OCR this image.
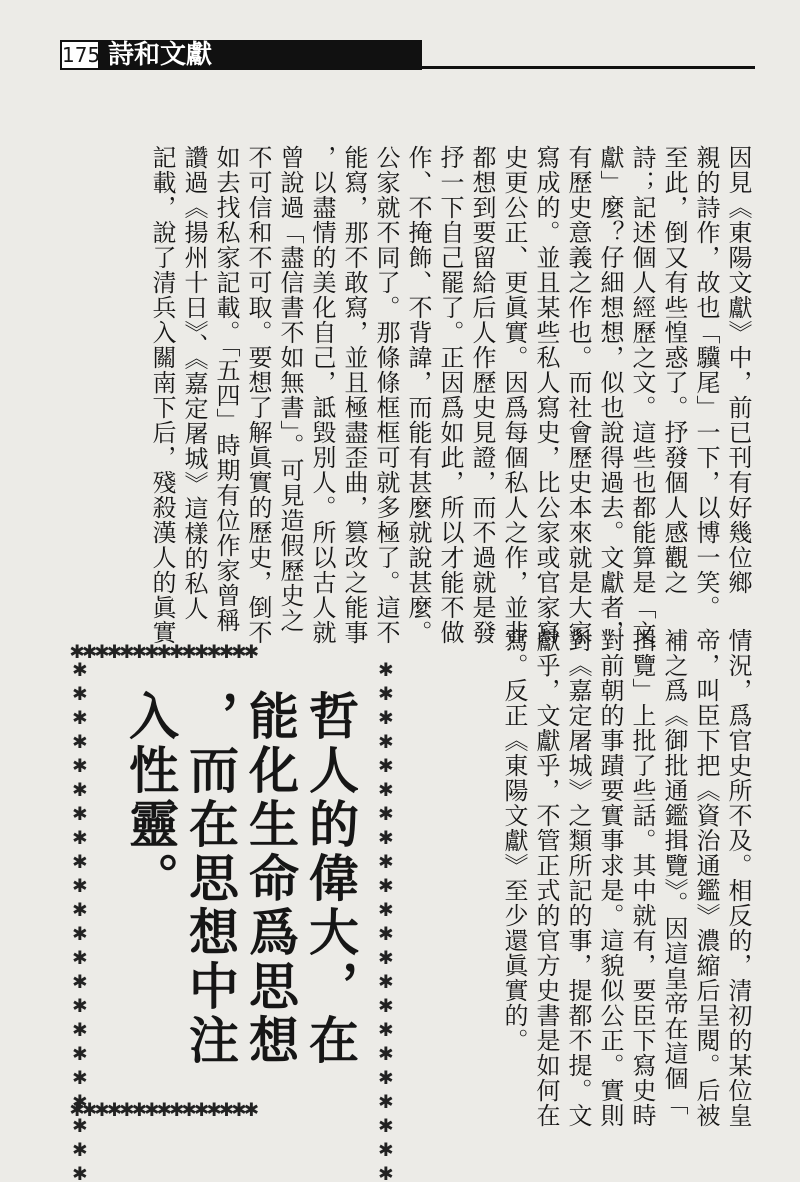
175 詩和文獻
因見《東陽文獻》中，前已刊有好幾位鄉
親的詩作，故也「驥尾」一下，以博一笑。
至此，倒又有些惶惑了。抒發個人感觀之
詩；記述個人經歷之文。這些也都能算是「文
獻」麼？仔細想想，似也說得過去。文獻者，
有歷史意義之作也。而社會歷史本來就是大家
寫成的。並且某些私人寫史，比公家或官家寫
史更公正、更眞實。因爲每個私人之作，並非
都想到要留給后人作歷史見證，而不過就是發
抒一下自己罷了。正因爲如此，所以才能不做
作、不掩飾、不背諱，而能有甚麼就說甚麼。
公家就不同了。那條條框框可就多極了。這不
能寫，那不敢寫，並且極盡歪曲，篡改之能事
，以盡情的美化自己，詆毀別人。所以古人就
曾說過「盡信書不如無書」。可見造假歷史之
不可信和不可取。要想了解眞實的歷史，倒不
如去找私家記載。「五四」時期有位作家曾稱
讚過《揚州十日》、《嘉定屠城》這樣的私人
記載，說了清兵入關南下后，殘殺漢人的眞實
情況，爲官史所不及。相反的，清初的某位皇
帝，叫臣下把《資治通鑑》濃縮后呈閱。后被
補之爲《御批通鑑揖覽》。因這皇帝在這個「
揖覽」上批了些話。其中就有，要臣下寫史時
對前朝的事蹟要實事求是。這貌似公正。實則
對《嘉定屠城》之類所記的事，提都不提。文
獻乎，文獻乎，不管正式的官方史書是如何在
寫。反正《東陽文獻》至少還眞實的。
✱✱✱✱✱✱✱✱✱✱✱✱✱✱✱
✱✱✱✱✱✱✱✱✱✱✱✱✱✱✱
✱✱✱✱✱✱✱✱✱✱✱✱✱✱✱✱✱✱✱✱✱✱	✱✱✱✱✱✱✱✱✱✱✱✱✱✱✱✱✱✱✱✱✱✱
哲人的偉大，在
能化生命爲思想
，而在思想中注
入性靈。
